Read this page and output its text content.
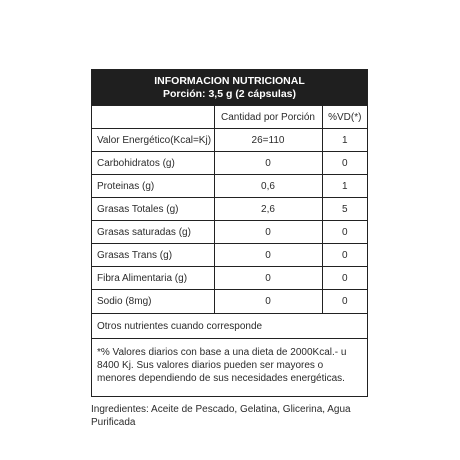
INFORMACION NUTRICIONAL
Porción: 3,5 g (2 cápsulas)
	Cantidad por Porción	%VD(*)
Valor Energético(Kcal=Kj)	26=110	1
Carbohidratos (g)	0	0
Proteinas (g)	0,6	1
Grasas Totales (g)	2,6	5
Grasas saturadas (g)	0	0
Grasas Trans (g)	0	0
Fibra Alimentaria (g)	0	0
Sodio (8mg)	0	0
Otros nutrientes cuando corresponde
*% Valores diarios con base a una dieta de 2000Kcal.- u 8400 Kj. Sus valores diarios pueden ser mayores o menores dependiendo de sus necesidades energéticas.
Ingredientes: Aceite de Pescado, Gelatina, Glicerina, Agua Purificada
